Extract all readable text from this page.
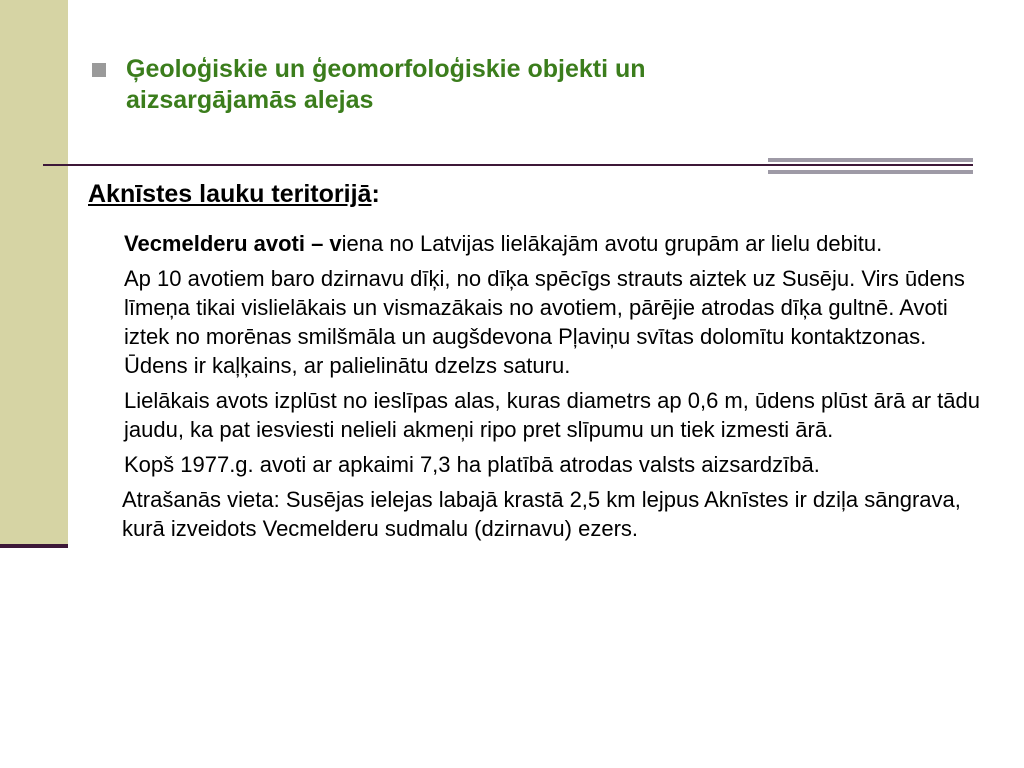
Ģeoloģiskie un ģeomorfoloģiskie objekti un
aizsargājamās alejas
Aknīstes lauku teritorijā:

Vecmelderu avoti – viena no Latvijas lielākajām avotu grupām ar lielu debitu.

Ap 10 avotiem baro dzirnavu dīķi, no dīķa spēcīgs strauts aiztek uz Susēju. Virs ūdens līmeņa tikai vislielākais un vismazākais no avotiem, pārējie atrodas dīķa gultnē. Avoti iztek no morēnas smilšmāla un augšdevona Pļaviņu svītas dolomītu kontaktzonas. Ūdens ir kaļķains, ar palielinātu dzelzs saturu.

Lielākais avots izplūst no ieslīpas alas, kuras diametrs ap 0,6 m, ūdens plūst ārā ar tādu jaudu, ka pat iesviesti nelieli akmeņi ripo pret slīpumu un tiek izmesti ārā.

Kopš 1977.g. avoti ar apkaimi 7,3 ha platībā atrodas valsts aizsardzībā.

Atrašanās vieta: Susējas ielejas labajā krastā 2,5 km lejpus Aknīstes ir dziļa sāngrava, kurā izveidots Vecmelderu sudmalu (dzirnavu) ezers.
